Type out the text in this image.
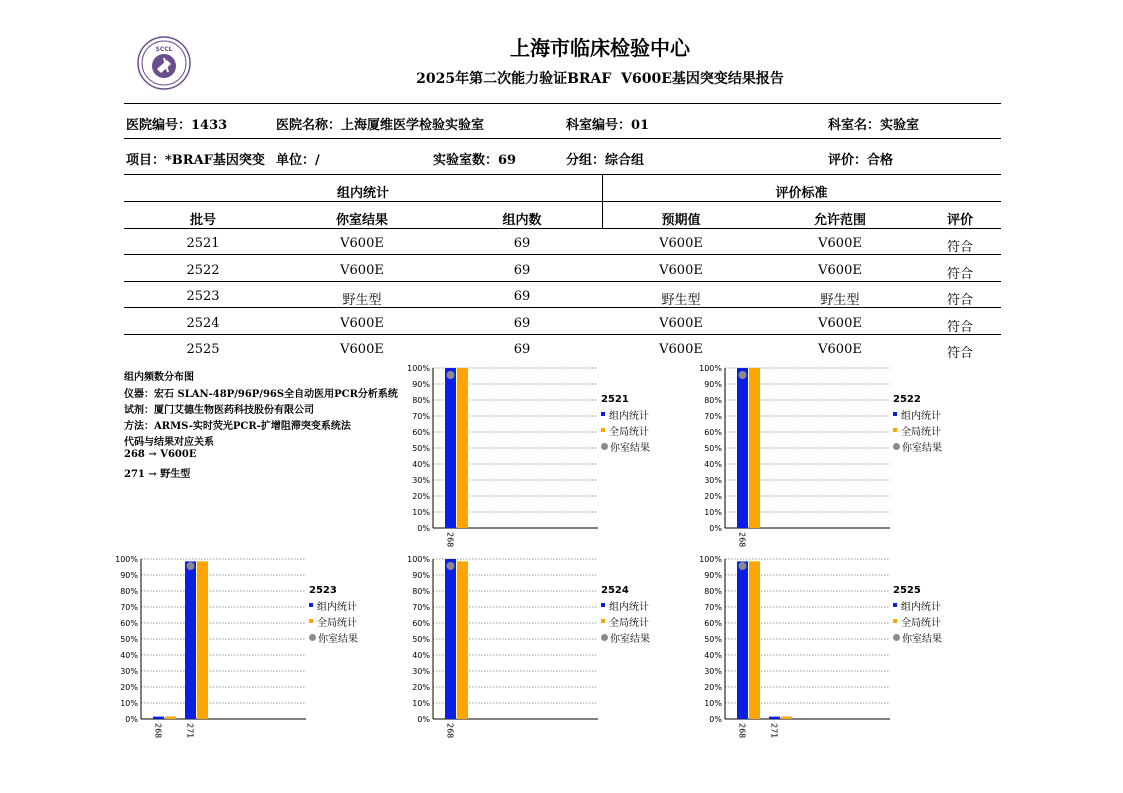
SCCL	上海市临床检验中心
2025年第二次能力验证BRAF  V600E基因突变结果报告
医院编号：1433	医院名称：上海厦维医学检验实验室	科室编号：01	科室名：实验室
项目：*BRAF基因突变 单位：/	实验室数：69	分组：综合组	评价：合格
组内统计	评价标准
批号	你室结果	组内数	预期值	允许范围	评价
2521	V600E	69	V600E	V600E	符合
2522	V600E	69	V600E	V600E	符合
2523	野生型	69	野生型	野生型	符合
2524	V600E	69	V600E	V600E	符合
2525	V600E	69	V600E	V600E	符合
组内频数分布图
仪器：宏石 SLAN-48P/96P/96S全自动医用PCR分析系统
试剂：厦门艾德生物医药科技股份有限公司
方法：ARMS-实时荧光PCR-扩增阻滞突变系统法
代码与结果对应关系
268 → V600E
271 → 野生型
0%
10%
20%
30%
40%
50%
60%
70%
80%
90%
100%
268
2521
组内统计
全局统计
你室结果
0%
10%
20%
30%
40%
50%
60%
70%
80%
90%
100%
268
2522
组内统计
全局统计
你室结果
0%
10%
20%
30%
40%
50%
60%
70%
80%
90%
100%
268	271
2523
组内统计
全局统计
你室结果
0%
10%
20%
30%
40%
50%
60%
70%
80%
90%
100%
268
2524
组内统计
全局统计
你室结果
0%
10%
20%
30%
40%
50%
60%
70%
80%
90%
100%
268	271
2525
组内统计
全局统计
你室结果
